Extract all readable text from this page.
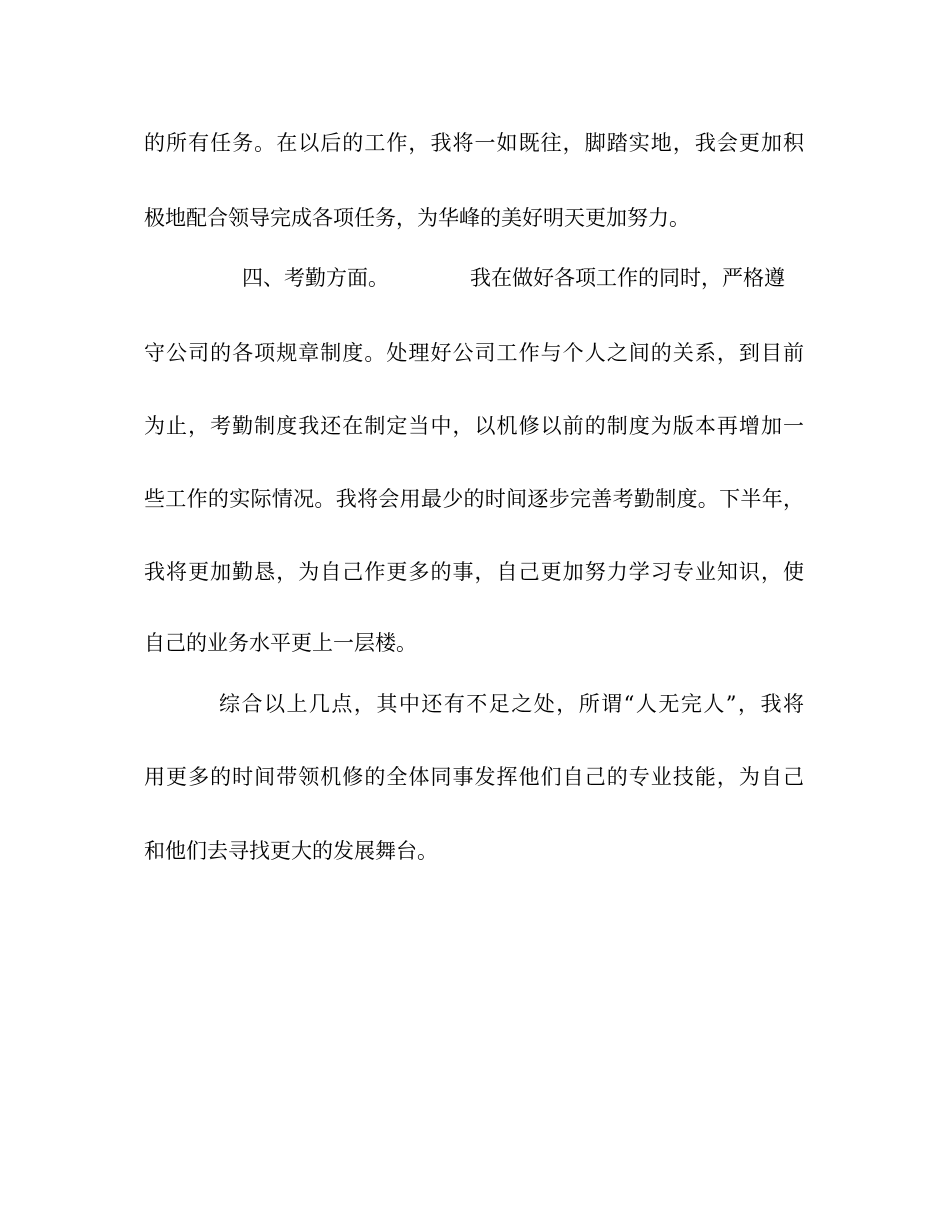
的所有任务。在以后的工作，我将一如既往，脚踏实地，我会更加积
极地配合领导完成各项任务，为华峰的美好明天更加努力。
四、考勤方面。	我在做好各项工作的同时，严格遵
守公司的各项规章制度。处理好公司工作与个人之间的关系，到目前
为止，考勤制度我还在制定当中，以机修以前的制度为版本再增加一
些工作的实际情况。我将会用最少的时间逐步完善考勤制度。下半年，
我将更加勤恳，为自己作更多的事，自己更加努力学习专业知识，使
自己的业务水平更上一层楼。
综合以上几点，其中还有不足之处，所谓“人无完人”，我将
用更多的时间带领机修的全体同事发挥他们自己的专业技能，为自己
和他们去寻找更大的发展舞台。
